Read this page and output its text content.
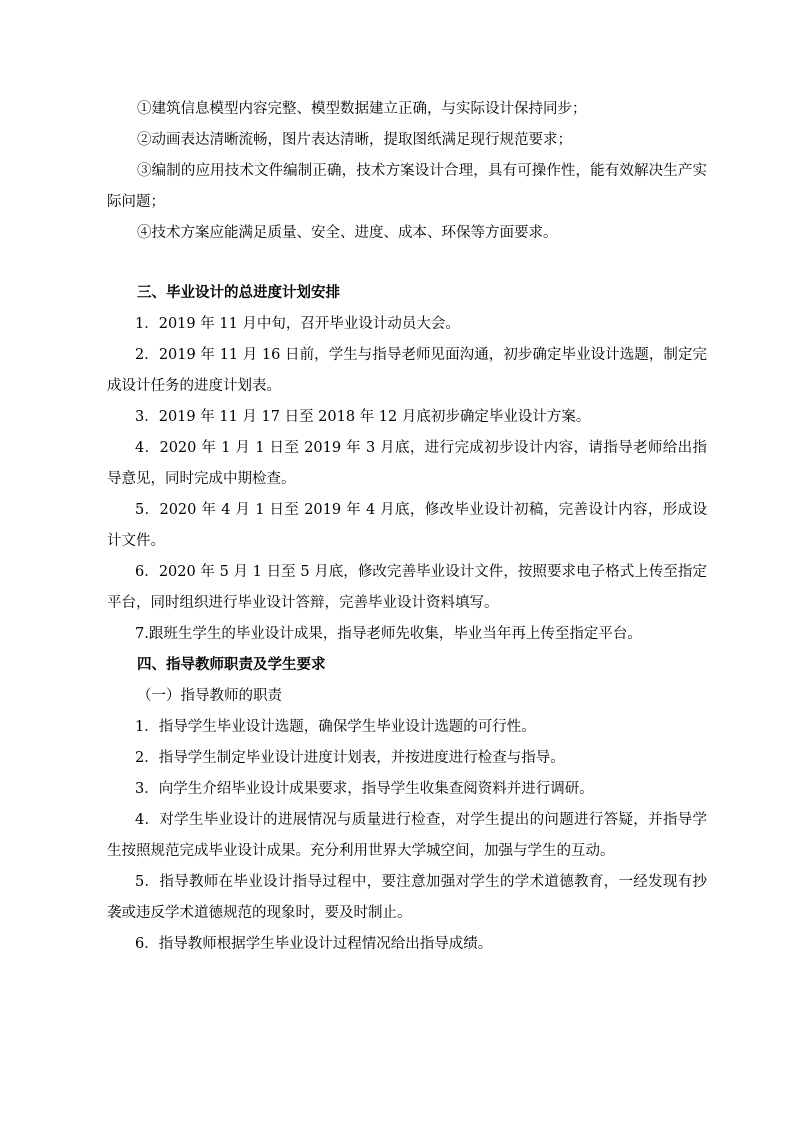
①建筑信息模型内容完整、模型数据建立正确，与实际设计保持同步；

②动画表达清晰流畅，图片表达清晰，提取图纸满足现行规范要求；

③编制的应用技术文件编制正确，技术方案设计合理，具有可操作性，能有效解决生产实际问题；

④技术方案应能满足质量、安全、进度、成本、环保等方面要求。

三、毕业设计的总进度计划安排

1．2019 年 11 月中旬，召开毕业设计动员大会。

2．2019 年 11 月 16 日前，学生与指导老师见面沟通，初步确定毕业设计选题，制定完成设计任务的进度计划表。

3．2019 年 11 月 17 日至 2018 年 12 月底初步确定毕业设计方案。

4．2020 年 1 月 1 日至 2019 年 3 月底，进行完成初步设计内容，请指导老师给出指导意见，同时完成中期检查。

5．2020 年 4 月 1 日至 2019 年 4 月底，修改毕业设计初稿，完善设计内容，形成设计文件。

6．2020 年 5 月 1 日至 5 月底，修改完善毕业设计文件，按照要求电子格式上传至指定平台，同时组织进行毕业设计答辩，完善毕业设计资料填写。

7.跟班生学生的毕业设计成果，指导老师先收集，毕业当年再上传至指定平台。

四、指导教师职责及学生要求

（一）指导教师的职责

1．指导学生毕业设计选题，确保学生毕业设计选题的可行性。

2．指导学生制定毕业设计进度计划表，并按进度进行检查与指导。

3．向学生介绍毕业设计成果要求，指导学生收集查阅资料并进行调研。

4．对学生毕业设计的进展情况与质量进行检查，对学生提出的问题进行答疑，并指导学生按照规范完成毕业设计成果。充分利用世界大学城空间，加强与学生的互动。

5．指导教师在毕业设计指导过程中，要注意加强对学生的学术道德教育，一经发现有抄袭或违反学术道德规范的现象时，要及时制止。

6．指导教师根据学生毕业设计过程情况给出指导成绩。
